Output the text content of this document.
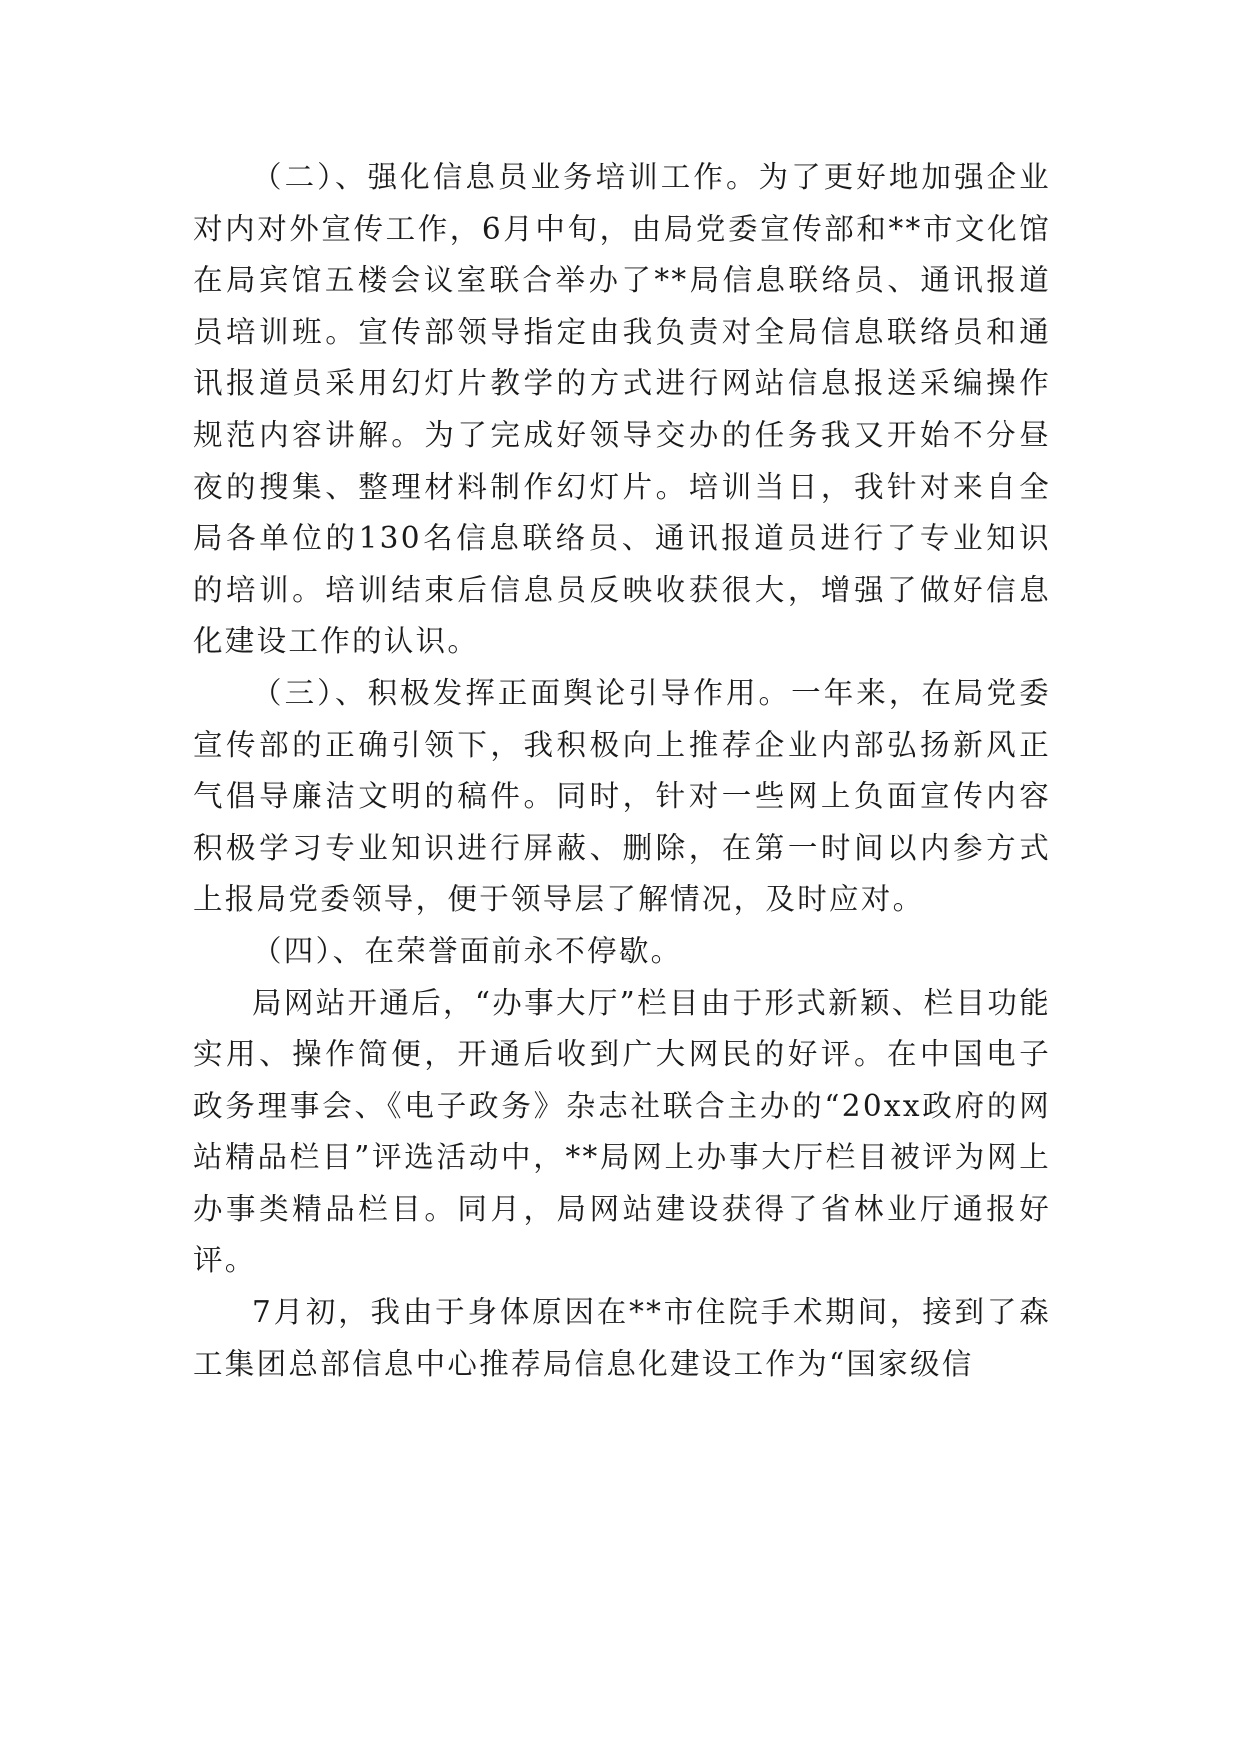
（二）、强化信息员业务培训工作。为了更好地加强企业对内对外宣传工作，6月中旬，由局党委宣传部和**市文化馆在局宾馆五楼会议室联合举办了**局信息联络员、通讯报道员培训班。宣传部领导指定由我负责对全局信息联络员和通讯报道员采用幻灯片教学的方式进行网站信息报送采编操作规范内容讲解。为了完成好领导交办的任务我又开始不分昼夜的搜集、整理材料制作幻灯片。培训当日，我针对来自全局各单位的130名信息联络员、通讯报道员进行了专业知识的培训。培训结束后信息员反映收获很大，增强了做好信息化建设工作的认识。

（三）、积极发挥正面舆论引导作用。一年来，在局党委宣传部的正确引领下，我积极向上推荐企业内部弘扬新风正气倡导廉洁文明的稿件。同时，针对一些网上负面宣传内容积极学习专业知识进行屏蔽、删除，在第一时间以内参方式上报局党委领导，便于领导层了解情况，及时应对。

（四）、在荣誉面前永不停歇。

局网站开通后，“办事大厅”栏目由于形式新颖、栏目功能实用、操作简便，开通后收到广大网民的好评。在中国电子政务理事会、《电子政务》杂志社联合主办的“20xx政府的网站精品栏目”评选活动中，**局网上办事大厅栏目被评为网上办事类精品栏目。同月，局网站建设获得了省林业厅通报好评。

7月初，我由于身体原因在**市住院手术期间，接到了森工集团总部信息中心推荐局信息化建设工作为“国家级信
